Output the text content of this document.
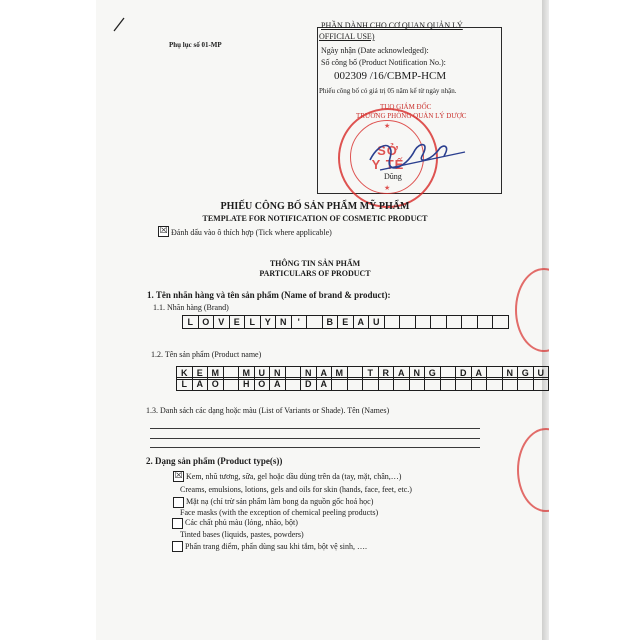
Phụ lục số 01-MP
PHẦN DÀNH CHO CƠ QUAN QUẢN LÝ
OFFICIAL USE)
Ngày nhận (Date acknowledged):
Số công bố (Product Notification No.):
002309 /16/CBMP-HCM
Phiếu công bố có giá trị 05 năm kể từ ngày nhận.
TUQ GIÁM ĐỐC
TRƯỞNG PHÒNG QUẢN LÝ DƯỢC
SỞ
Y TẾ
★
★
Dũng
PHIẾU CÔNG BỐ SẢN PHẨM MỸ PHẨM
TEMPLATE FOR NOTIFICATION OF COSMETIC PRODUCT
☒ Đánh dấu vào ô thích hợp (Tick where applicable)
THÔNG TIN SẢN PHẨM
PARTICULARS OF PRODUCT
1. Tên nhãn hàng và tên sản phẩm (Name of brand & product):
1.1. Nhãn hàng (Brand)
L	O V	E	L	Y	N	'	B	E	A	U
1.2. Tên sản phẩm (Product name)
K	E M	M U	N	N	A M	T	R	A	N G	D	A	N G U
L	A O	H O A	D	A
1.3. Danh sách các dạng hoặc màu (List of Variants or Shade). Tên (Names)
2. Dạng sản phẩm (Product type(s))
☒ Kem, nhũ tương, sữa, gel hoặc dầu dùng trên da (tay, mặt, chân,…)
Creams, emulsions, lotions, gels and oils for skin (hands, face, feet, etc.)
Mặt nạ (chỉ trừ sản phẩm làm bong da nguồn gốc hoá học)
Face masks (with the exception of chemical peeling products)
Các chất phủ màu (lỏng, nhão, bột)
Tinted bases (liquids, pastes, powders)
Phấn trang điểm, phấn dùng sau khi tắm, bột vệ sinh, ….
